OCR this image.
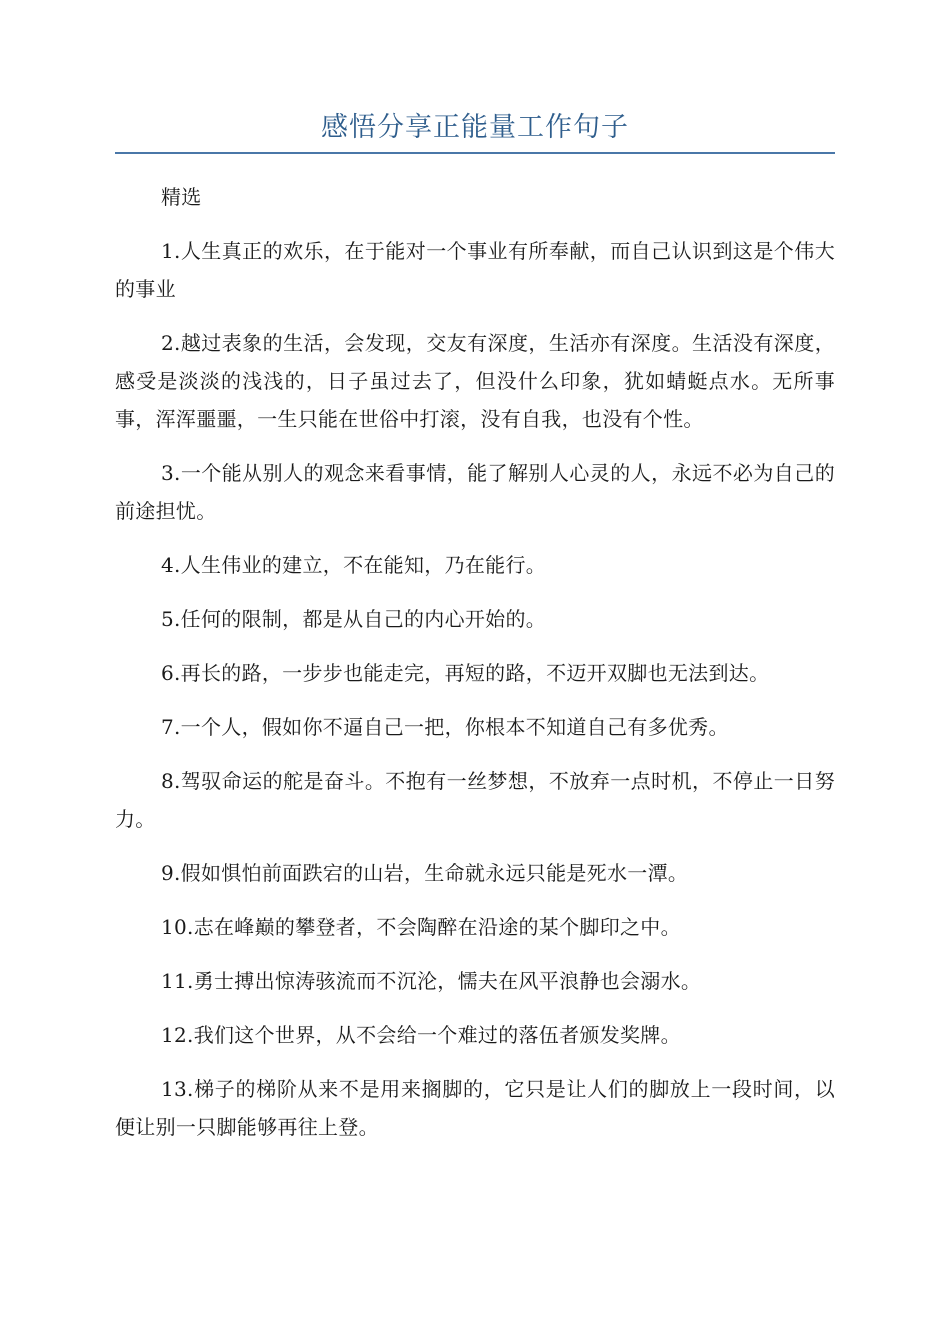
感悟分享正能量工作句子

精选

1.人生真正的欢乐，在于能对一个事业有所奉献，而自己认识到这是个伟大的事业

2.越过表象的生活，会发现，交友有深度，生活亦有深度。生活没有深度，感受是淡淡的浅浅的，日子虽过去了，但没什么印象，犹如蜻蜓点水。无所事事，浑浑噩噩，一生只能在世俗中打滚，没有自我，也没有个性。

3.一个能从别人的观念来看事情，能了解别人心灵的人，永远不必为自己的前途担忧。

4.人生伟业的建立，不在能知，乃在能行。

5.任何的限制，都是从自己的内心开始的。

6.再长的路，一步步也能走完，再短的路，不迈开双脚也无法到达。

7.一个人，假如你不逼自己一把，你根本不知道自己有多优秀。

8.驾驭命运的舵是奋斗。不抱有一丝梦想，不放弃一点时机，不停止一日努力。

9.假如惧怕前面跌宕的山岩，生命就永远只能是死水一潭。

10.志在峰巅的攀登者，不会陶醉在沿途的某个脚印之中。

11.勇士搏出惊涛骇流而不沉沦，懦夫在风平浪静也会溺水。

12.我们这个世界，从不会给一个难过的落伍者颁发奖牌。

13.梯子的梯阶从来不是用来搁脚的，它只是让人们的脚放上一段时间，以便让别一只脚能够再往上登。
